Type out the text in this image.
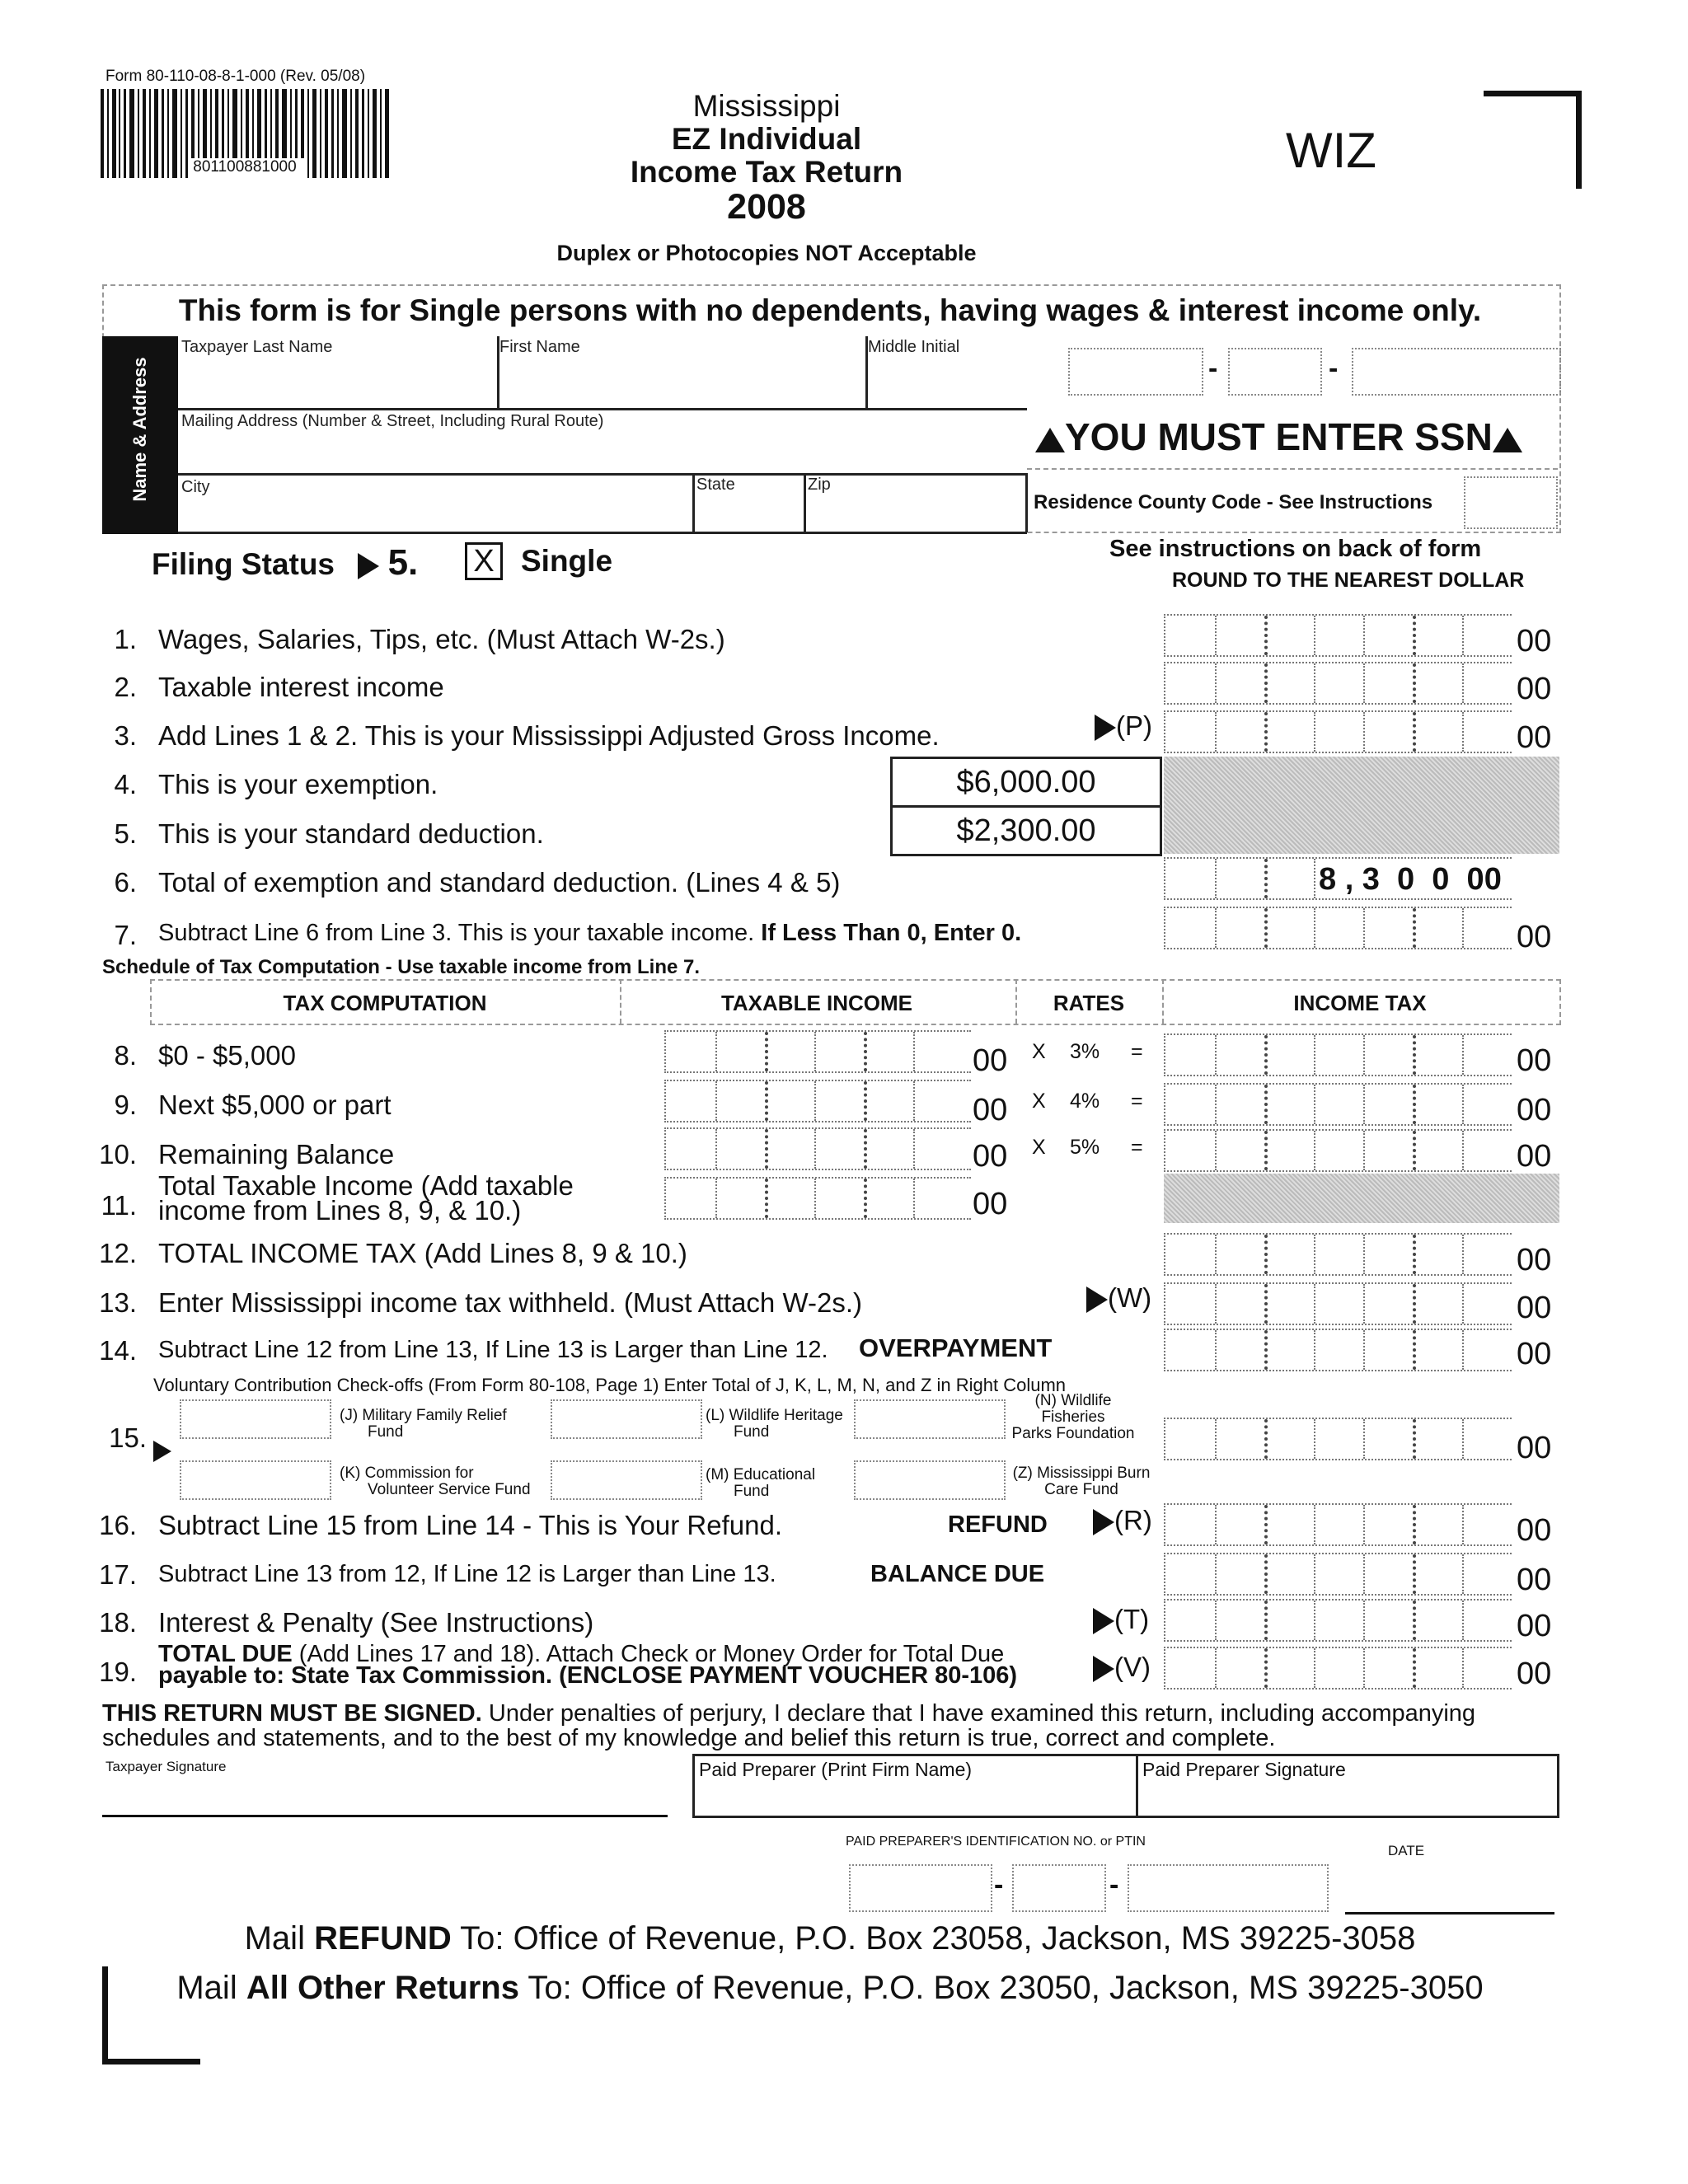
Form 80-110-08-8-1-000 (Rev. 05/08)
801100881000
Mississippi
EZ Individual
Income Tax Return
2008
Duplex or Photocopies NOT Acceptable
WIZ
This form is for Single persons with no dependents, having wages & interest income only.
Name & Address
Taxpayer Last Name	First Name	Middle Initial
Mailing Address (Number & Street, Including Rural Route)
City	State	Zip
-	-
YOU MUST ENTER SSN
Residence County Code - See Instructions
Filing Status 5. X Single	See instructions on back of form
ROUND TO THE NEAREST DOLLAR
1. Wages, Salaries, Tips, etc. (Must Attach W-2s.)	00
2. Taxable interest income	00
3. Add Lines 1 & 2. This is your Mississippi Adjusted Gross Income.	(P)	00
4. This is your exemption.	$6,000.00
5. This is your standard deduction.	$2,300.00
6. Total of exemption and standard deduction. (Lines 4 & 5)	8 , 3  0  0  00
7. Subtract Line 6 from Line 3. This is your taxable income. If Less Than 0, Enter 0.	00
Schedule of Tax Computation - Use taxable income from Line 7.
TAX COMPUTATION	TAXABLE INCOME	RATES	INCOME TAX
8. $0 - $5,000	00 X 3% =	00
9. Next $5,000 or part	00 X 4% =	00
10. Remaining Balance	00 X 5% =	00
11.
Total Taxable Income (Add taxable
income from Lines 8, 9, & 10.)	00
12. TOTAL INCOME TAX (Add Lines 8, 9 & 10.)	00
13. Enter Mississippi income tax withheld. (Must Attach W-2s.)	(W)	00
14. Subtract Line 12 from Line 13, If Line 13 is Larger than Line 12. OVERPAYMENT	00
Voluntary Contribution Check-offs (From Form 80-108, Page 1) Enter Total of J, K, L, M, N, and Z in Right Column
15.
(J) Military Family Relief
Fund
(K) Commission for
Volunteer Service Fund
(L) Wildlife Heritage
Fund
(M) Educational
Fund
(N) Wildlife
Fisheries
Parks Foundation
(Z) Mississippi Burn
Care Fund
00
16. Subtract Line 15 from Line 14 - This is Your Refund.	REFUND	(R)	00
17. Subtract Line 13 from 12, If Line 12 is Larger than Line 13.	BALANCE DUE	00
18. Interest & Penalty (See Instructions)	(T)	00
19.
TOTAL DUE (Add Lines 17 and 18). Attach Check or Money Order for Total Due
payable to: State Tax Commission. (ENCLOSE PAYMENT VOUCHER 80-106)	(V)	00
THIS RETURN MUST BE SIGNED. Under penalties of perjury, I declare that I have examined this return, including accompanying
schedules and statements, and to the best of my knowledge and belief this return is true, correct and complete.
Taxpayer Signature	Paid Preparer (Print Firm Name)	Paid Preparer Signature
PAID PREPARER'S IDENTIFICATION NO. or PTIN
-	-
DATE
Mail REFUND To: Office of Revenue, P.O. Box 23058, Jackson, MS 39225-3058
Mail All Other Returns To: Office of Revenue, P.O. Box 23050, Jackson, MS 39225-3050
